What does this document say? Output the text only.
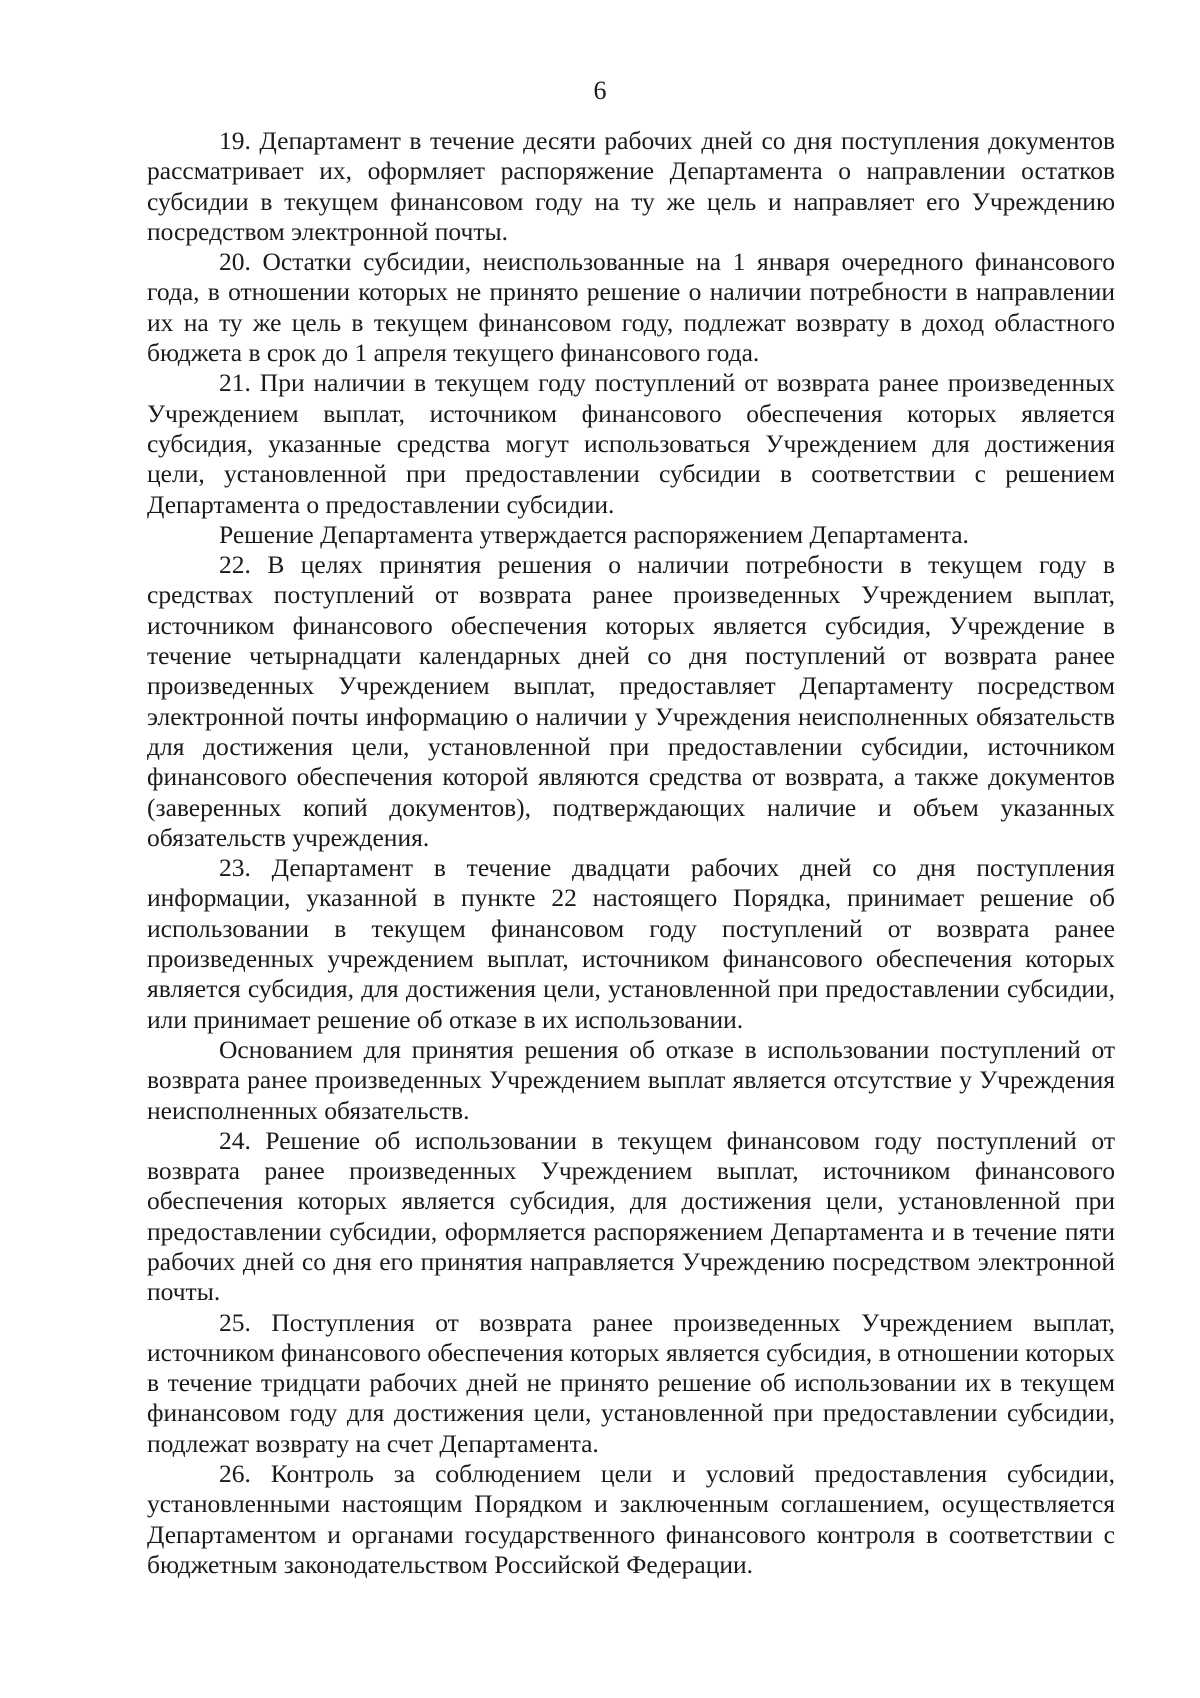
6

19. Департамент в течение десяти рабочих дней со дня поступления документов рассматривает их, оформляет распоряжение Департамента о направлении остатков субсидии в текущем финансовом году на ту же цель и направляет его Учреждению посредством электронной почты.

20. Остатки субсидии, неиспользованные на 1 января очередного финансового года, в отношении которых не принято решение о наличии потребности в направлении их на ту же цель в текущем финансовом году, подлежат возврату в доход областного бюджета в срок до 1 апреля текущего финансового года.

21. При наличии в текущем году поступлений от возврата ранее произведенных Учреждением выплат, источником финансового обеспечения которых является субсидия, указанные средства могут использоваться Учреждением для достижения цели, установленной при предоставлении субсидии в соответствии с решением Департамента о предоставлении субсидии.

Решение Департамента утверждается распоряжением Департамента.

22. В целях принятия решения о наличии потребности в текущем году в средствах поступлений от возврата ранее произведенных Учреждением выплат, источником финансового обеспечения которых является субсидия, Учреждение в течение четырнадцати календарных дней со дня поступлений от возврата ранее произведенных Учреждением выплат, предоставляет Департаменту посредством электронной почты информацию о наличии у Учреждения неисполненных обязательств для достижения цели, установленной при предоставлении субсидии, источником финансового обеспечения которой являются средства от возврата, а также документов (заверенных копий документов), подтверждающих наличие и объем указанных обязательств учреждения.

23. Департамент в течение двадцати рабочих дней со дня поступления информации, указанной в пункте 22 настоящего Порядка, принимает решение об использовании в текущем финансовом году поступлений от возврата ранее произведенных учреждением выплат, источником финансового обеспечения которых является субсидия, для достижения цели, установленной при предоставлении субсидии, или принимает решение об отказе в их использовании.

Основанием для принятия решения об отказе в использовании поступлений от возврата ранее произведенных Учреждением выплат является отсутствие у Учреждения неисполненных обязательств.

24. Решение об использовании в текущем финансовом году поступлений от возврата ранее произведенных Учреждением выплат, источником финансового обеспечения которых является субсидия, для достижения цели, установленной при предоставлении субсидии, оформляется распоряжением Департамента и в течение пяти рабочих дней со дня его принятия направляется Учреждению посредством электронной почты.

25. Поступления от возврата ранее произведенных Учреждением выплат, источником финансового обеспечения которых является субсидия, в отношении которых в течение тридцати рабочих дней не принято решение об использовании их в текущем финансовом году для достижения цели, установленной при предоставлении субсидии, подлежат возврату на счет Департамента.

26. Контроль за соблюдением цели и условий предоставления субсидии, установленными настоящим Порядком и заключенным соглашением, осуществляется Департаментом и органами государственного финансового контроля в соответствии с бюджетным законодательством Российской Федерации.
